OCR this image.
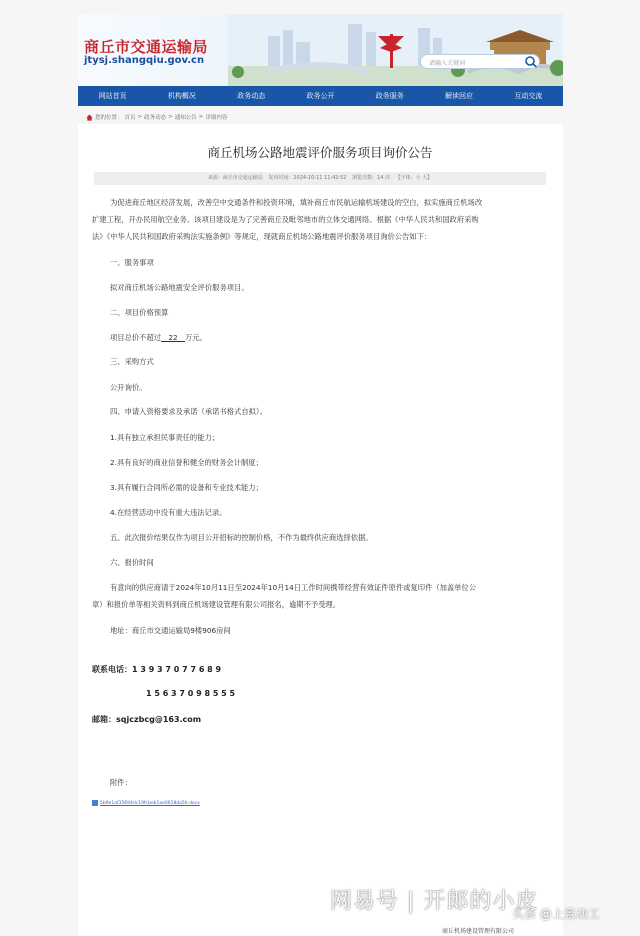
商丘市交通运输局
jtysj.shangqiu.gov.cn	请输入关键词
网站首页	机构概况	政务动态	政务公开	政务服务	解读回应	互动交流
您的位置： 首页 > 政务动态 > 通知公告 > 详细内容
商丘机场公路地震评价服务项目询价公告
来源：商丘市交通运输局 发布时间：2024-10-11 11:42:52 浏览次数：14 次 【字体：小 大】
为促进商丘地区经济发展，改善空中交通条件和投资环境，填补商丘市民航运输机场建设的空白，拟实施商丘机场改
扩建工程，开办民用航空业务。该项目建设是为了完善商丘及毗邻地市的立体交通网络。根据《中华人民共和国政府采购
法》《中华人民共和国政府采购法实施条例》等规定，现就商丘机场公路地震评价服务项目询价公告如下：
一、服务事项
拟对商丘机场公路地震安全评价服务项目。
二、项目价格预算
项目总价不超过　22　万元。
三、采购方式
公开询价。
四、申请入资格要求及承诺（承诺书格式自拟）。
1.具有独立承担民事责任的能力；
2.具有良好的商业信誉和健全的财务会计制度；
3.具有履行合同所必需的设备和专业技术能力；
4.在经营活动中没有重大违法记录。
五、此次报价结果仅作为项目公开招标的控制价格，不作为最终供应商选择依据。
六、报价时间
有意向的供应商请于2024年10月11日至2024年10月14日工作时间携带经营有效证件原件或复印件（加盖单位公
章）和报价单等相关资料到商丘机场建设管理有限公司报名，逾期不予受理。
地址：商丘市交通运输局9楼906房间
联系电话：1 3 9 3 7 0 7 7 6 8 9
1 5 6 3 7 0 9 8 5 5 5
邮箱：sqjczbcg@163.com
附件：
5b9e1af35694dc19fcbeb1ae0618da5b.docx
商丘机场建设管理有限公司
网易号 | 开郎的小皮
头条 @上景动工
